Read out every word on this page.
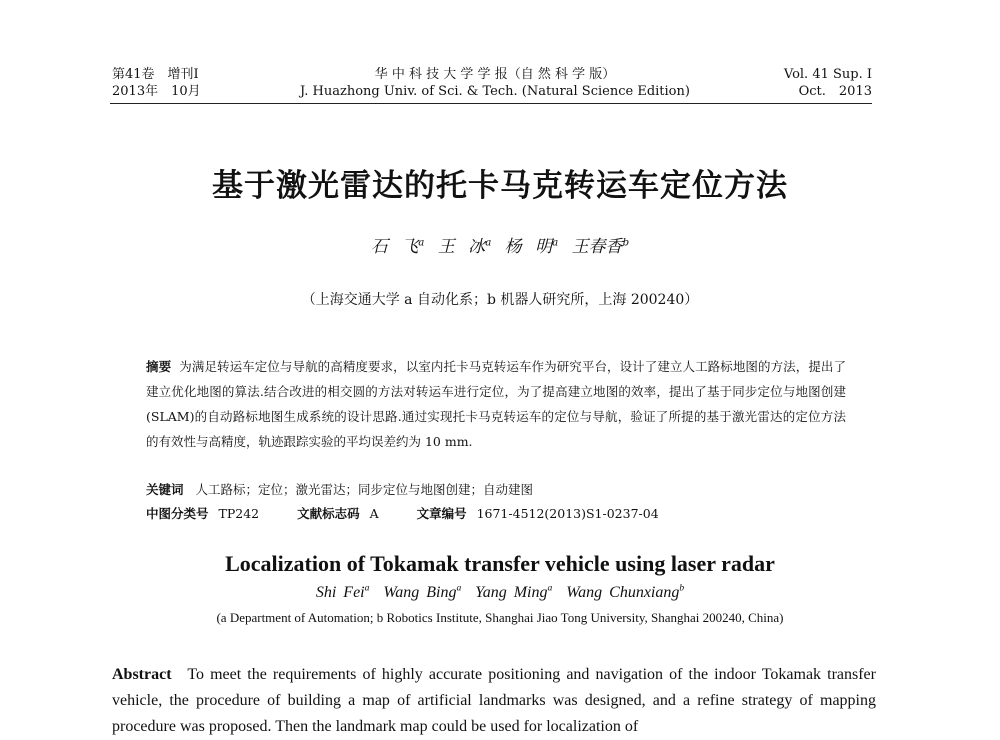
第41卷　增刊Ⅰ
2013年　10月
华 中 科 技 大 学 学 报（自 然 科 学 版）
J. Huazhong Univ. of Sci. & Tech. (Natural Science Edition)
Vol. 41 Sup. Ⅰ
Oct.　2013
基于激光雷达的托卡马克转运车定位方法
石 飞$^a$ 王 冰$^a$ 杨 明$^a$ 王春香$^b$
（上海交通大学 a 自动化系；b 机器人研究所，上海 200240）
摘要 为满足转运车定位与导航的高精度要求，以室内托卡马克转运车作为研究平台，设计了建立人工路标地图的方法，提出了建立优化地图的算法.结合改进的相交圆的方法对转运车进行定位，为了提高建立地图的效率，提出了基于同步定位与地图创建(SLAM)的自动路标地图生成系统的设计思路.通过实现托卡马克转运车的定位与导航，验证了所提的基于激光雷达的定位方法的有效性与高精度，轨迹跟踪实验的平均误差约为 10 mm.
关键词 人工路标；定位；激光雷达；同步定位与地图创建；自动建图
中图分类号 TP242	文献标志码 A	文章编号 1671-4512(2013)S1-0237-04
Localization of Tokamak transfer vehicle using laser radar
Shi Fei$^a$ Wang Bing$^a$ Yang Ming$^a$ Wang Chunxiang$^b$
(a Department of Automation; b Robotics Institute, Shanghai Jiao Tong University, Shanghai 200240, China)
Abstract To meet the requirements of highly accurate positioning and navigation of the indoor Tokamak transfer vehicle, the procedure of building a map of artificial landmarks was designed, and a refine strategy of mapping procedure was proposed. Then the landmark map could be used for localization of
